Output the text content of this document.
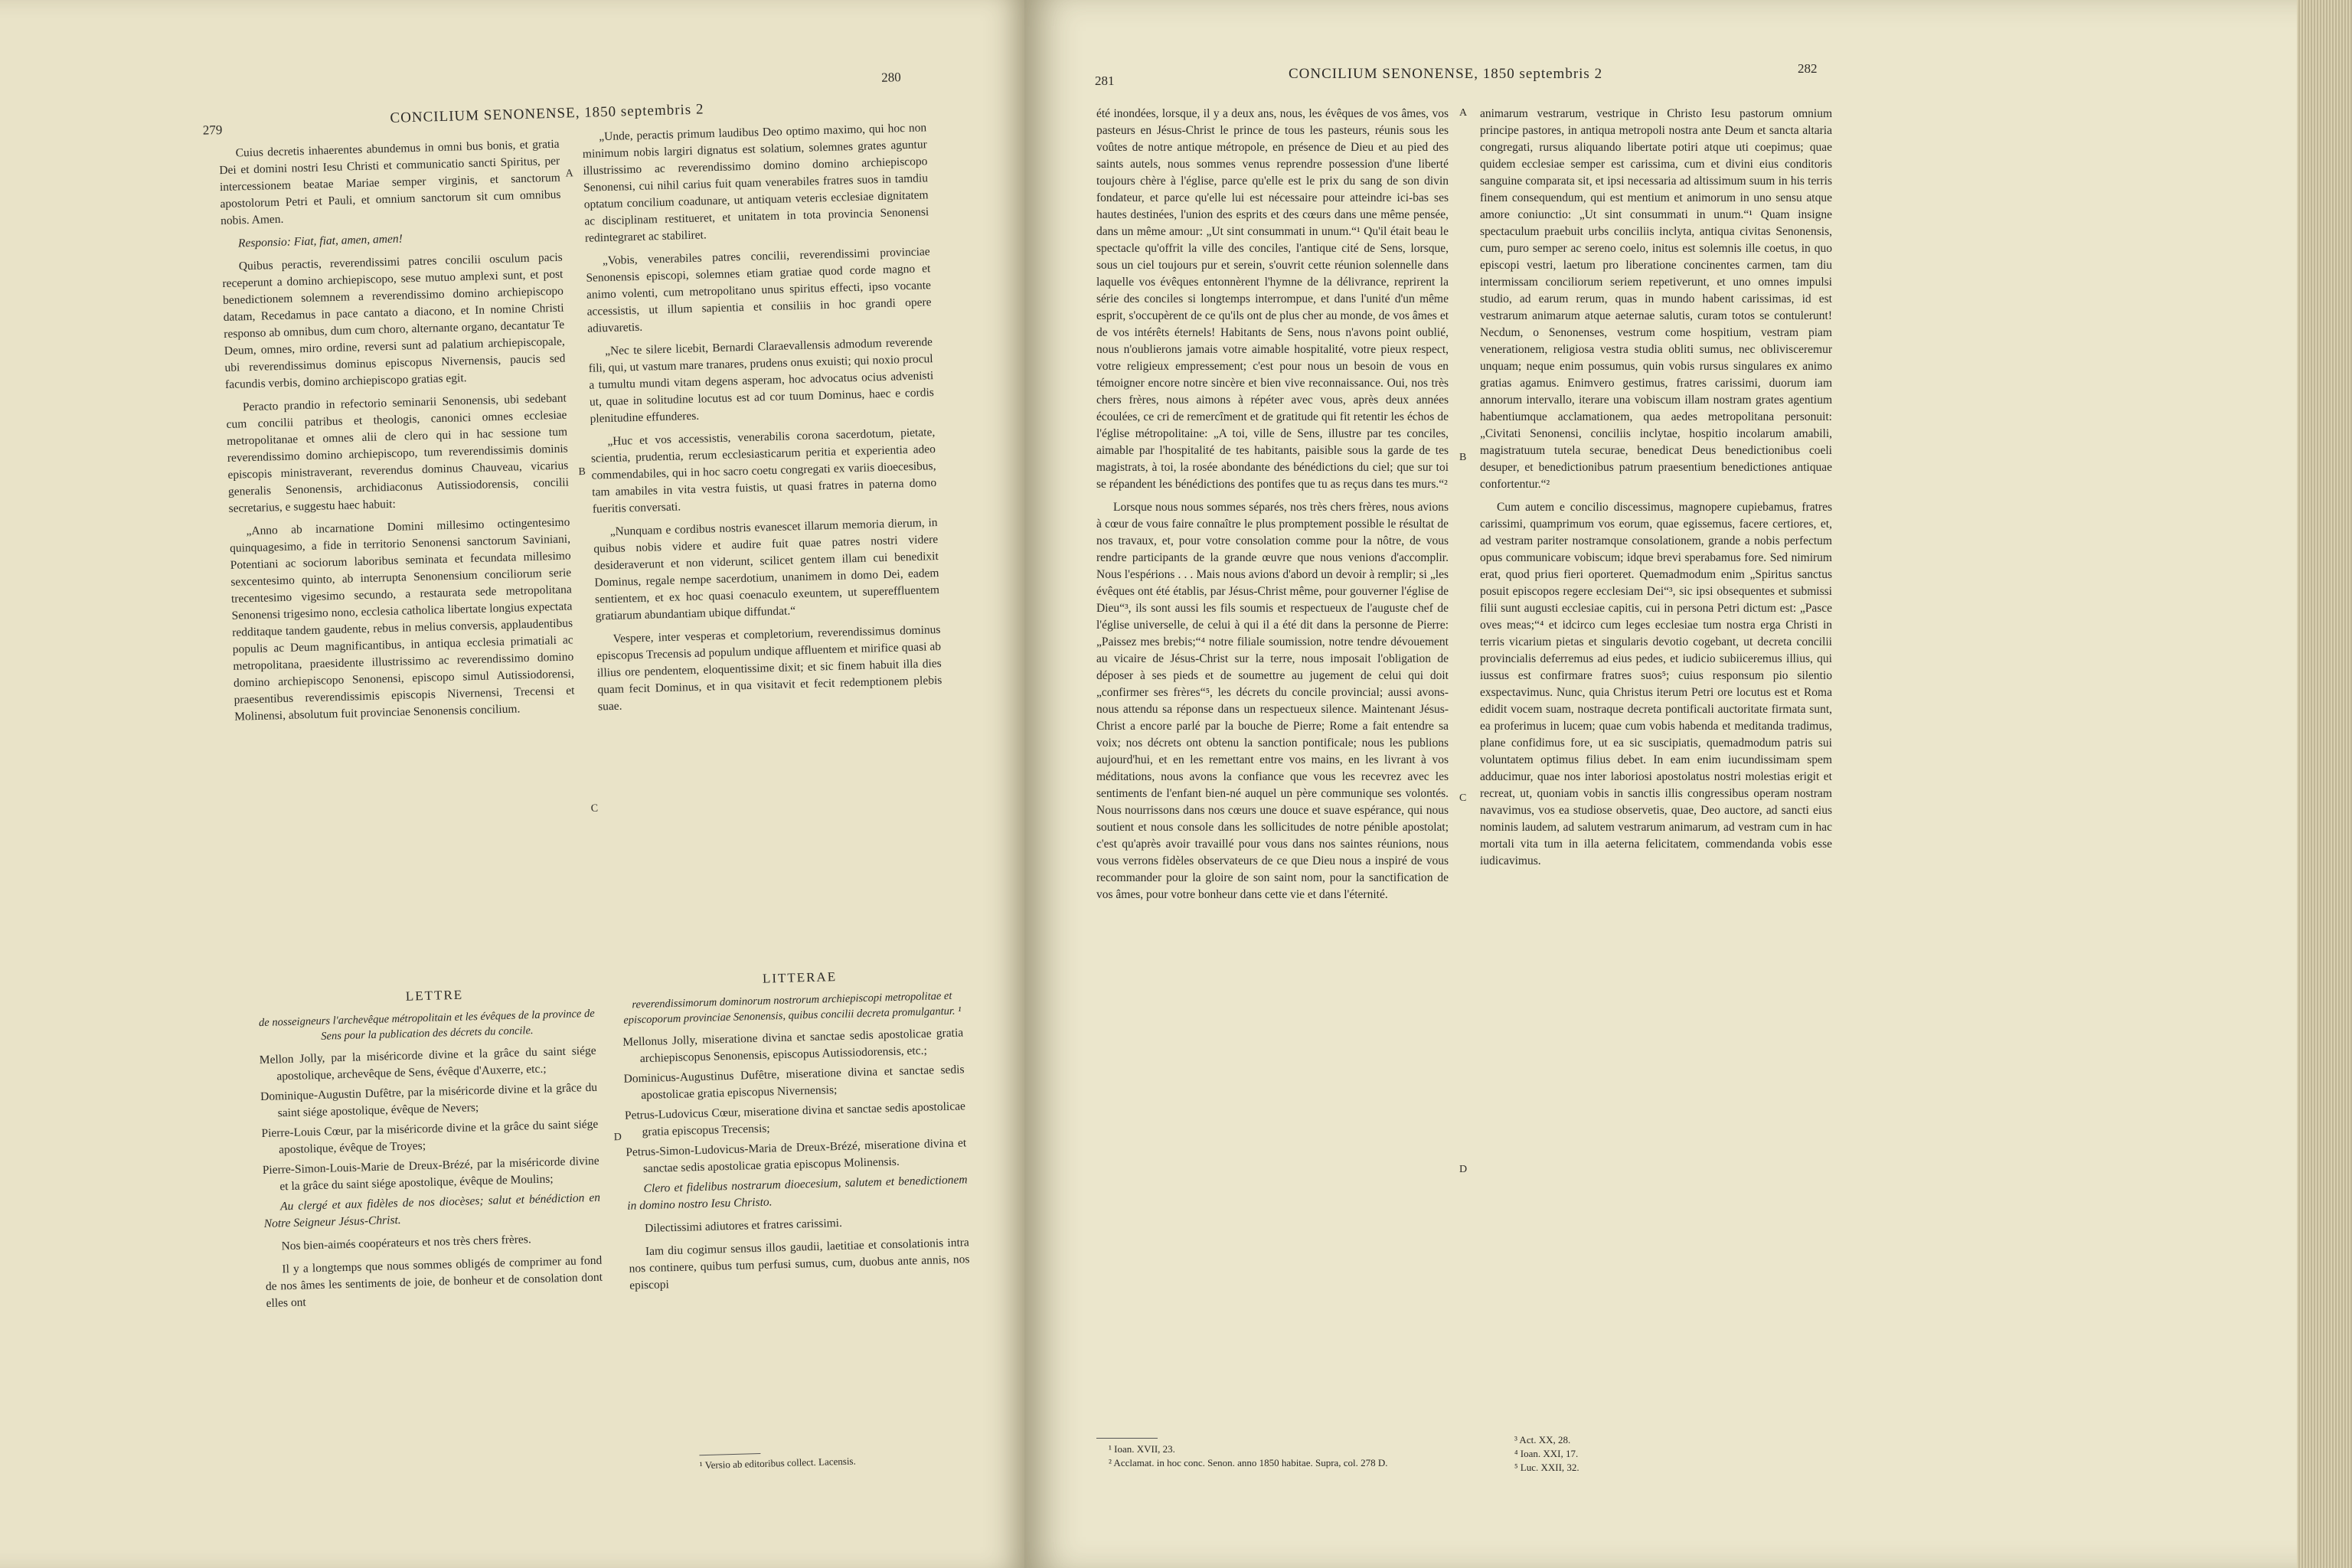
279
CONCILIUM SENONENSE, 1850 septembris 2
280

Cuius decretis inhaerentes abundemus in omni bus bonis, et gratia Dei et domini nostri Iesu Christi et communicatio sancti Spiritus, per intercessionem beatae Mariae semper virginis, et sanctorum apostolorum Petri et Pauli, et omnium sanctorum sit cum omnibus nobis. Amen.

Responsio: Fiat, fiat, amen, amen!

Quibus peractis, reverendissimi patres concilii osculum pacis receperunt a domino archiepiscopo, sese mutuo amplexi sunt, et post benedictionem solemnem a reverendissimo domino archiepiscopo datam, Recedamus in pace cantato a diacono, et In nomine Christi responso ab omnibus, dum cum choro, alternante organo, decantatur Te Deum, omnes, miro ordine, reversi sunt ad palatium archiepiscopale, ubi reverendissimus dominus episcopus Nivernensis, paucis sed facundis verbis, domino archiepiscopo gratias egit.

Peracto prandio in refectorio seminarii Senonensis, ubi sedebant cum concilii patribus et theologis, canonici omnes ecclesiae metropolitanae et omnes alii de clero qui in hac sessione tum reverendissimo domino archiepiscopo, tum reverendissimis dominis episcopis ministraverant, reverendus dominus Chauveau, vicarius generalis Senonensis, archidiaconus Autissiodorensis, concilii secretarius, e suggestu haec habuit:

„Anno ab incarnatione Domini millesimo octingentesimo quinquagesimo, a fide in territorio Senonensi sanctorum Saviniani, Potentiani ac sociorum laboribus seminata et fecundata millesimo sexcentesimo quinto, ab interrupta Senonensium conciliorum serie trecentesimo vigesimo secundo, a restaurata sede metropolitana Senonensi trigesimo nono, ecclesia catholica libertate longius expectata redditaque tandem gaudente, rebus in melius conversis, applaudentibus populis ac Deum magnificantibus, in antiqua ecclesia primatiali ac metropolitana, praesidente illustrissimo ac reverendissimo domino domino archiepiscopo Senonensi, episcopo simul Autissiodorensi, praesentibus reverendissimis episcopis Nivernensi, Trecensi et Molinensi, absolutum fuit provinciae Senonensis concilium.

„Unde, peractis primum laudibus Deo optimo maximo, qui hoc non minimum nobis largiri dignatus est solatium, solemnes grates aguntur illustrissimo ac reverendissimo domino domino archiepiscopo Senonensi, cui nihil carius fuit quam venerabiles fratres suos in tamdiu optatum concilium coadunare, ut antiquam veteris ecclesiae dignitatem ac disciplinam restitueret, et unitatem in tota provincia Senonensi redintegraret ac stabiliret.

„Vobis, venerabiles patres concilii, reverendissimi provinciae Senonensis episcopi, solemnes etiam gratiae quod corde magno et animo volenti, cum metropolitano unus spiritus effecti, ipso vocante accessistis, ut illum sapientia et consiliis in hoc grandi opere adiuvaretis.

„Nec te silere licebit, Bernardi Claraevallensis admodum reverende fili, qui, ut vastum mare tranares, prudens onus exuisti; qui noxio procul a tumultu mundi vitam degens asperam, hoc advocatus ocius advenisti ut, quae in solitudine locutus est ad cor tuum Dominus, haec e cordis plenitudine effunderes.

„Huc et vos accessistis, venerabilis corona sacerdotum, pietate, scientia, prudentia, rerum ecclesiasticarum peritia et experientia adeo commendabiles, qui in hoc sacro coetu congregati ex variis dioecesibus, tam amabiles in vita vestra fuistis, ut quasi fratres in paterna domo fueritis conversati.

„Nunquam e cordibus nostris evanescet illarum memoria dierum, in quibus nobis videre et audire fuit quae patres nostri videre desideraverunt et non viderunt, scilicet gentem illam cui benedixit Dominus, regale nempe sacerdotium, unanimem in domo Dei, eadem sentientem, et ex hoc quasi coenaculo exeuntem, ut supereffluentem gratiarum abundantiam ubique diffundat.“

Vespere, inter vesperas et completorium, reverendissimus dominus episcopus Trecensis ad populum undique affluentem et mirifice quasi ab illius ore pendentem, eloquentissime dixit; et sic finem habuit illa dies quam fecit Dominus, et in qua visitavit et fecit redemptionem plebis suae.

LETTRE

de nosseigneurs l'archevêque métropolitain et les évêques de la province de Sens pour la publication des décrets du concile.

Mellon Jolly, par la miséricorde divine et la grâce du saint siége apostolique, archevêque de Sens, évêque d'Auxerre, etc.;

Dominique-Augustin Dufêtre, par la miséricorde divine et la grâce du saint siége apostolique, évêque de Nevers;

Pierre-Louis Cœur, par la miséricorde divine et la grâce du saint siége apostolique, évêque de Troyes;

Pierre-Simon-Louis-Marie de Dreux-Brézé, par la miséricorde divine et la grâce du saint siége apostolique, évêque de Moulins;

Au clergé et aux fidèles de nos diocèses; salut et bénédiction en Notre Seigneur Jésus-Christ.

Nos bien-aimés coopérateurs et nos très chers frères.

Il y a longtemps que nous sommes obligés de comprimer au fond de nos âmes les sentiments de joie, de bonheur et de consolation dont elles ont

LITTERAE

reverendissimorum dominorum nostrorum archiepiscopi metropolitae et episcoporum provinciae Senonensis, quibus concilii decreta promulgantur. ¹

Mellonus Jolly, miseratione divina et sanctae sedis apostolicae gratia archiepiscopus Senonensis, episcopus Autissiodorensis, etc.;

Dominicus-Augustinus Dufêtre, miseratione divina et sanctae sedis apostolicae gratia episcopus Nivernensis;

Petrus-Ludovicus Cœur, miseratione divina et sanctae sedis apostolicae gratia episcopus Trecensis;

Petrus-Simon-Ludovicus-Maria de Dreux-Brézé, miseratione divina et sanctae sedis apostolicae gratia episcopus Molinensis.

Clero et fidelibus nostrarum dioecesium, salutem et benedictionem in domino nostro Iesu Christo.

Dilectissimi adiutores et fratres carissimi.

Iam diu cogimur sensus illos gaudii, laetitiae et consolationis intra nos continere, quibus tum perfusi sumus, cum, duobus ante annis, nos episcopi

¹ Versio ab editoribus collect. Lacensis.
A
B
C
D
281	CONCILIUM SENONENSE, 1850 septembris 2	282

été inondées, lorsque, il y a deux ans, nous, les évêques de vos âmes, vos pasteurs en Jésus-Christ le prince de tous les pasteurs, réunis sous les voûtes de notre antique métropole, en présence de Dieu et au pied des saints autels, nous sommes venus reprendre possession d'une liberté toujours chère à l'église, parce qu'elle est le prix du sang de son divin fondateur, et parce qu'elle lui est nécessaire pour atteindre ici-bas ses hautes destinées, l'union des esprits et des cœurs dans une même pensée, dans un même amour: „Ut sint consummati in unum.“¹ Qu'il était beau le spectacle qu'offrit la ville des conciles, l'antique cité de Sens, lorsque, sous un ciel toujours pur et serein, s'ouvrit cette réunion solennelle dans laquelle vos évêques entonnèrent l'hymne de la délivrance, reprirent la série des conciles si longtemps interrompue, et dans l'unité d'un même esprit, s'occupèrent de ce qu'ils ont de plus cher au monde, de vos âmes et de vos intérêts éternels! Habitants de Sens, nous n'avons point oublié, nous n'oublierons jamais votre aimable hospitalité, votre pieux respect, votre religieux empressement; c'est pour nous un besoin de vous en témoigner encore notre sincère et bien vive reconnaissance. Oui, nos très chers frères, nous aimons à répéter avec vous, après deux années écoulées, ce cri de remercîment et de gratitude qui fit retentir les échos de l'église métropolitaine: „A toi, ville de Sens, illustre par tes conciles, aimable par l'hospitalité de tes habitants, paisible sous la garde de tes magistrats, à toi, la rosée abondante des bénédictions du ciel; que sur toi se répandent les bénédictions des pontifes que tu as reçus dans tes murs.“²

Lorsque nous nous sommes séparés, nos très chers frères, nous avions à cœur de vous faire connaître le plus promptement possible le résultat de nos travaux, et, pour votre consolation comme pour la nôtre, de vous rendre participants de la grande œuvre que nous venions d'accomplir. Nous l'espérions . . . Mais nous avions d'abord un devoir à remplir; si „les évêques ont été établis, par Jésus-Christ même, pour gouverner l'église de Dieu“³, ils sont aussi les fils soumis et respectueux de l'auguste chef de l'église universelle, de celui à qui il a été dit dans la personne de Pierre: „Paissez mes brebis;“⁴ notre filiale soumission, notre tendre dévouement au vicaire de Jésus-Christ sur la terre, nous imposait l'obligation de déposer à ses pieds et de soumettre au jugement de celui qui doit „confirmer ses frères“⁵, les décrets du concile provincial; aussi avons-nous attendu sa réponse dans un respectueux silence. Maintenant Jésus-Christ a encore parlé par la bouche de Pierre; Rome a fait entendre sa voix; nos décrets ont obtenu la sanction pontificale; nous les publions aujourd'hui, et en les remettant entre vos mains, en les livrant à vos méditations, nous avons la confiance que vous les recevrez avec les sentiments de l'enfant bien-né auquel un père communique ses volontés. Nous nourrissons dans nos cœurs une douce et suave espérance, qui nous soutient et nous console dans les sollicitudes de notre pénible apostolat; c'est qu'après avoir travaillé pour vous dans nos saintes réunions, nous vous verrons fidèles observateurs de ce que Dieu nous a inspiré de vous recommander pour la gloire de son saint nom, pour la sanctification de vos âmes, pour votre bonheur dans cette vie et dans l'éternité.

animarum vestrarum, vestrique in Christo Iesu pastorum omnium principe pastores, in antiqua metropoli nostra ante Deum et sancta altaria congregati, rursus aliquando libertate potiri atque uti coepimus; quae quidem ecclesiae semper est carissima, cum et divini eius conditoris sanguine comparata sit, et ipsi necessaria ad altissimum suum in his terris finem consequendum, qui est mentium et animorum in uno sensu atque amore coniunctio: „Ut sint consummati in unum.“¹ Quam insigne spectaculum praebuit urbs conciliis inclyta, antiqua civitas Senonensis, cum, puro semper ac sereno coelo, initus est solemnis ille coetus, in quo episcopi vestri, laetum pro liberatione concinentes carmen, tam diu intermissam conciliorum seriem repetiverunt, et uno omnes impulsi studio, ad earum rerum, quas in mundo habent carissimas, id est vestrarum animarum atque aeternae salutis, curam totos se contulerunt! Necdum, o Senonenses, vestrum come hospitium, vestram piam venerationem, religiosa vestra studia obliti sumus, nec oblivisceremur unquam; neque enim possumus, quin vobis rursus singulares ex animo gratias agamus. Enimvero gestimus, fratres carissimi, duorum iam annorum intervallo, iterare una vobiscum illam nostram grates agentium habentiumque acclamationem, qua aedes metropolitana personuit: „Civitati Senonensi, conciliis inclytae, hospitio incolarum amabili, magistratuum tutela securae, benedicat Deus benedictionibus coeli desuper, et benedictionibus patrum praesentium benedictiones antiquae confortentur.“²

Cum autem e concilio discessimus, magnopere cupiebamus, fratres carissimi, quamprimum vos eorum, quae egissemus, facere certiores, et, ad vestram pariter nostramque consolationem, grande a nobis perfectum opus communicare vobiscum; idque brevi sperabamus fore. Sed nimirum erat, quod prius fieri oporteret. Quemadmodum enim „Spiritus sanctus posuit episcopos regere ecclesiam Dei“³, sic ipsi obsequentes et submissi filii sunt augusti ecclesiae capitis, cui in persona Petri dictum est: „Pasce oves meas;“⁴ et idcirco cum leges ecclesiae tum nostra erga Christi in terris vicarium pietas et singularis devotio cogebant, ut decreta concilii provincialis deferremus ad eius pedes, et iudicio subiiceremus illius, qui iussus est confirmare fratres suos⁵; cuius responsum pio silentio exspectavimus. Nunc, quia Christus iterum Petri ore locutus est et Roma edidit vocem suam, nostraque decreta pontificali auctoritate firmata sunt, ea proferimus in lucem; quae cum vobis habenda et meditanda tradimus, plane confidimus fore, ut ea sic suscipiatis, quemadmodum patris sui voluntatem optimus filius debet. In eam enim iucundissimam spem adducimur, quae nos inter laboriosi apostolatus nostri molestias erigit et recreat, ut, quoniam vobis in sanctis illis congressibus operam nostram navavimus, vos ea studiose observetis, quae, Deo auctore, ad sancti eius nominis laudem, ad salutem vestrarum animarum, ad vestram cum in hac mortali vita tum in illa aeterna felicitatem, commendanda vobis esse iudicavimus.

¹ Ioan. XVII, 23.
² Acclamat. in hoc conc. Senon. anno 1850 habitae. Supra, col. 278 D.
³ Act. XX, 28.
⁴ Ioan. XXI, 17.
⁵ Luc. XXII, 32.
A
B
C
D
